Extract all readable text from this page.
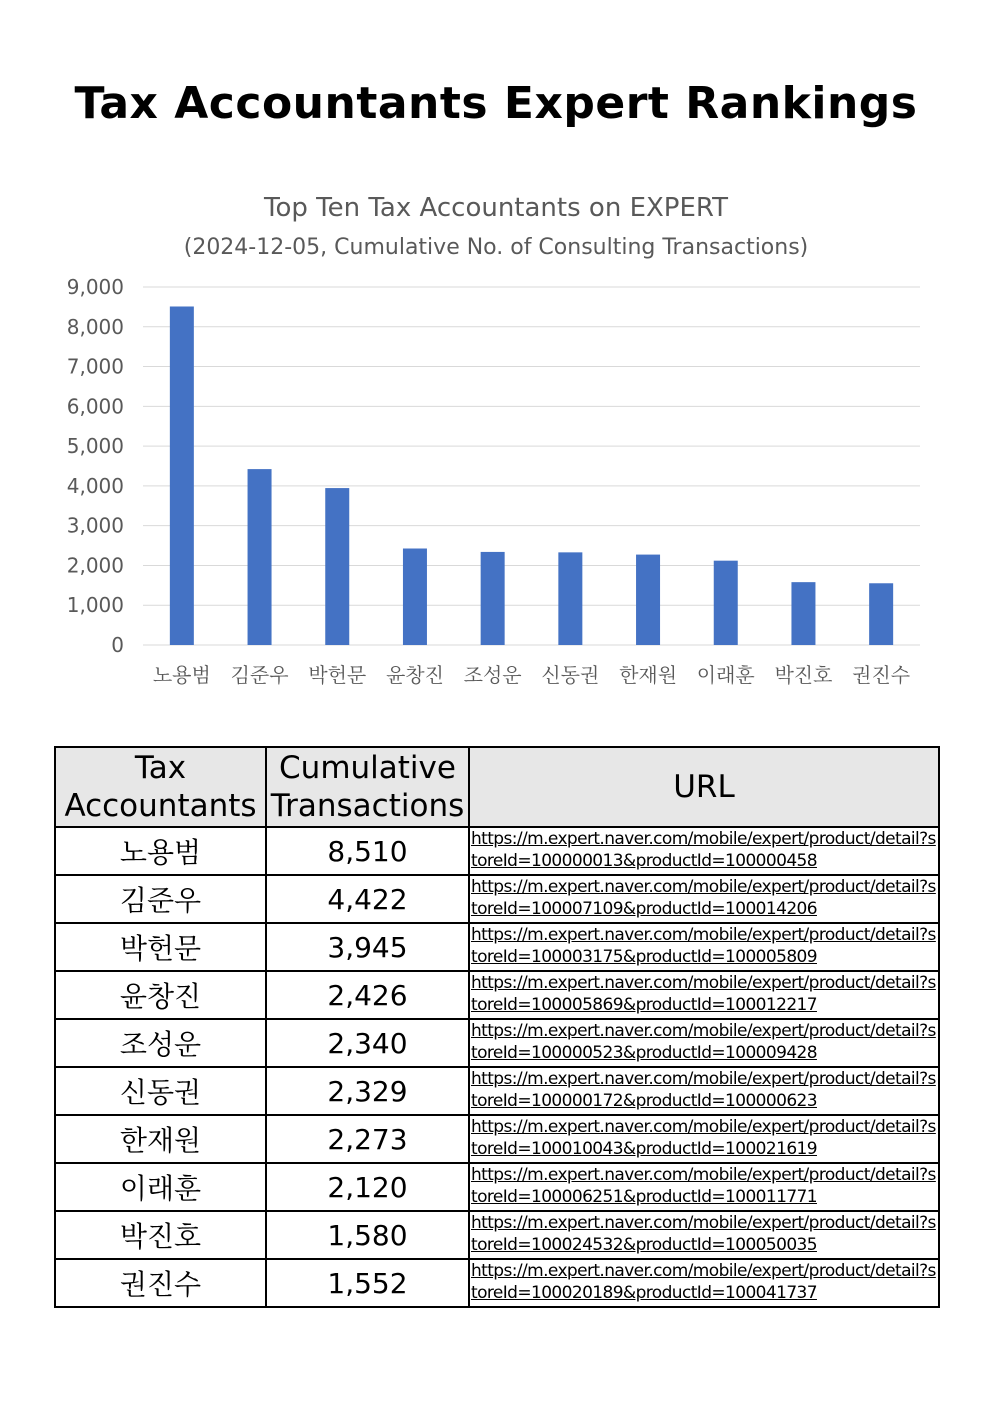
Tax Accountants Expert Rankings
Top Ten Tax Accountants on EXPERT
(2024-12-05, Cumulative No. of Consulting Transactions)
0
1,000
2,000
3,000
4,000
5,000
6,000
7,000
8,000
9,000
노용범 김준우 박헌문 윤창진 조성운 신동권 한재원 이래훈 박진호 권진수
Tax Accountants	Cumulative Transactions	URL
노용범	8,510	https://m.expert.naver.com/mobile/expert/product/detail?storeId=100000013&productId=100000458

김준우	4,422	https://m.expert.naver.com/mobile/expert/product/detail?storeId=100007109&productId=100014206

박헌문	3,945	https://m.expert.naver.com/mobile/expert/product/detail?storeId=100003175&productId=100005809

윤창진	2,426	https://m.expert.naver.com/mobile/expert/product/detail?storeId=100005869&productId=100012217

조성운	2,340	https://m.expert.naver.com/mobile/expert/product/detail?storeId=100000523&productId=100009428

신동권	2,329	https://m.expert.naver.com/mobile/expert/product/detail?storeId=100000172&productId=100000623

한재원	2,273	https://m.expert.naver.com/mobile/expert/product/detail?storeId=100010043&productId=100021619

이래훈	2,120	https://m.expert.naver.com/mobile/expert/product/detail?storeId=100006251&productId=100011771

박진호	1,580	https://m.expert.naver.com/mobile/expert/product/detail?storeId=100024532&productId=100050035

권진수	1,552	https://m.expert.naver.com/mobile/expert/product/detail?storeId=100020189&productId=100041737
